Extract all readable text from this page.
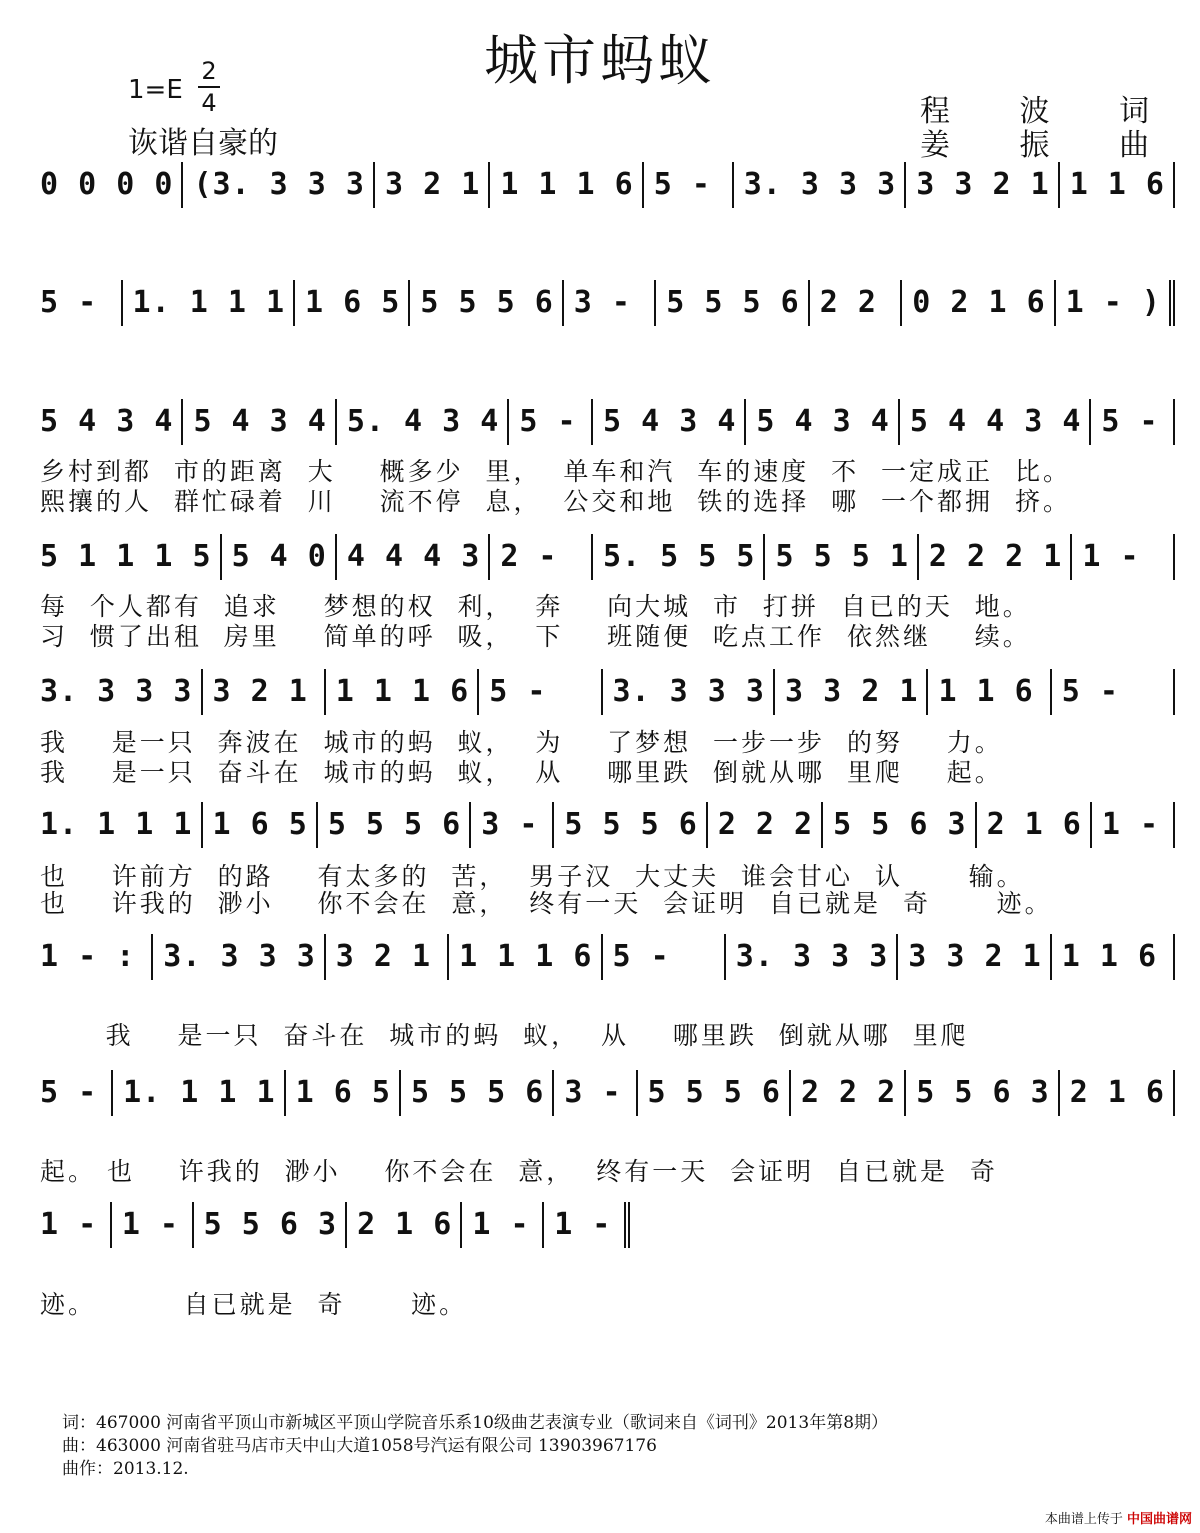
城市蚂蚁
1=E
2
4
诙谐自豪的
程 波 词
姜 振 曲
0 0 0 0 (3. 3 3 3 3 2 1 1 1 1 6 5 -	3. 3 3 3 3 3 2 1 1 1 6
5 -	1. 1 1 1 1 6 5 5 5 5 6 3 -	5 5 5 6 2 2	0 2 1 6 1 - )
5 4 3 4 5 4 3 4 5. 4 3 4 5 - 5 4 3 4 5 4 3 4 5 4 4 3 4 5 -
5 1 1 1 5 5 4 0 4 4 4 3 2 -	5. 5 5 5 5 5 5 1 2 2 2 1 1 -
3. 3 3 3 3 2 1 1 1 1 6 5 -	3. 3 3 3 3 3 2 1 1 1 6 5 -
1. 1 1 1 1 6 5 5 5 5 6 3 - 5 5 5 6 2 2 2 5 5 6 3 2 1 6 1 -
1 - : 3. 3 3 3 3 2 1 1 1 1 6 5 -	3. 3 3 3 3 3 2 1 1 1 6
5 - 1. 1 1 1 1 6 5 5 5 5 6 3 - 5 5 5 6 2 2 2 5 5 6 3 2 1 6
1 - 1 - 5 5 6 3 2 1 6 1 - 1 -
乡村到都  市的距离  大    概多少  里，  单车和汽  车的速度  不  一定成正  比。
熙攘的人  群忙碌着  川    流不停  息，  公交和地  铁的选择  哪  一个都拥  挤。
每  个人都有  追求    梦想的权  利，  奔    向大城  市  打拼  自已的天  地。
习  惯了出租  房里    简单的呼  吸，  下    班随便  吃点工作  依然继    续。
我    是一只  奔波在  城市的蚂  蚁，  为    了梦想  一步一步  的努    力。
我    是一只  奋斗在  城市的蚂  蚁，  从    哪里跌  倒就从哪  里爬    起。
也    许前方  的路    有太多的  苦，  男子汉  大丈夫  谁会甘心  认      输。
也    许我的  渺小    你不会在  意，  终有一天  会证明  自已就是  奇      迹。
我    是一只  奋斗在  城市的蚂  蚁，  从    哪里跌  倒就从哪  里爬
起。 也    许我的  渺小    你不会在  意，  终有一天  会证明  自已就是  奇
迹。        自已就是  奇      迹。
词：467000 河南省平顶山市新城区平顶山学院音乐系10级曲艺表演专业（歌词来自《词刊》2013年第8期）
曲：463000 河南省驻马店市天中山大道1058号汽运有限公司 13903967176
曲作：2013.12.
本曲谱上传于 中国曲谱网
